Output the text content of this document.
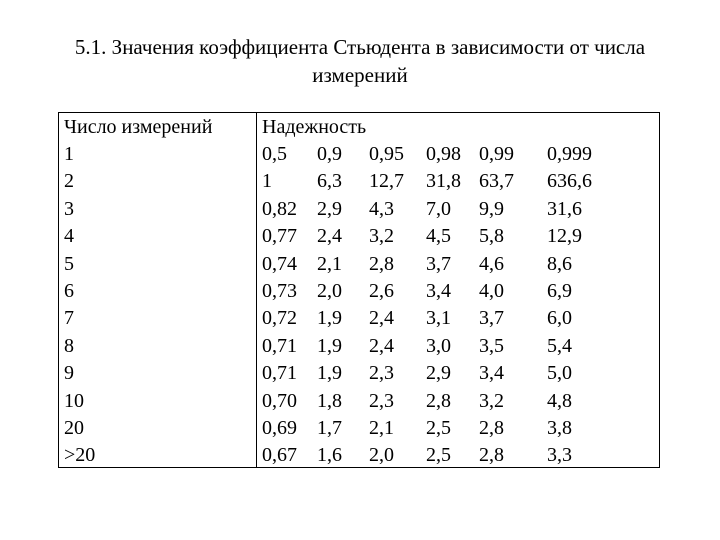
5.1. Значения коэффициента Стьюдента в зависимости от числа
измерений
Число измерений Надежность
1	0,5 0,9 0,95 0,98 0,99 0,999
2	1 6,3 12,7 31,8 63,7 636,6
3	0,82 2,9 4,3 7,0 9,9 31,6
4	0,77 2,4 3,2 4,5 5,8 12,9
5	0,74 2,1 2,8 3,7 4,6 8,6
6	0,73 2,0 2,6 3,4 4,0 6,9
7	0,72 1,9 2,4 3,1 3,7 6,0
8	0,71 1,9 2,4 3,0 3,5 5,4
9	0,71 1,9 2,3 2,9 3,4 5,0
10	0,70 1,8 2,3 2,8 3,2 4,8
20	0,69 1,7 2,1 2,5 2,8 3,8
>20	0,67 1,6 2,0 2,5 2,8 3,3
